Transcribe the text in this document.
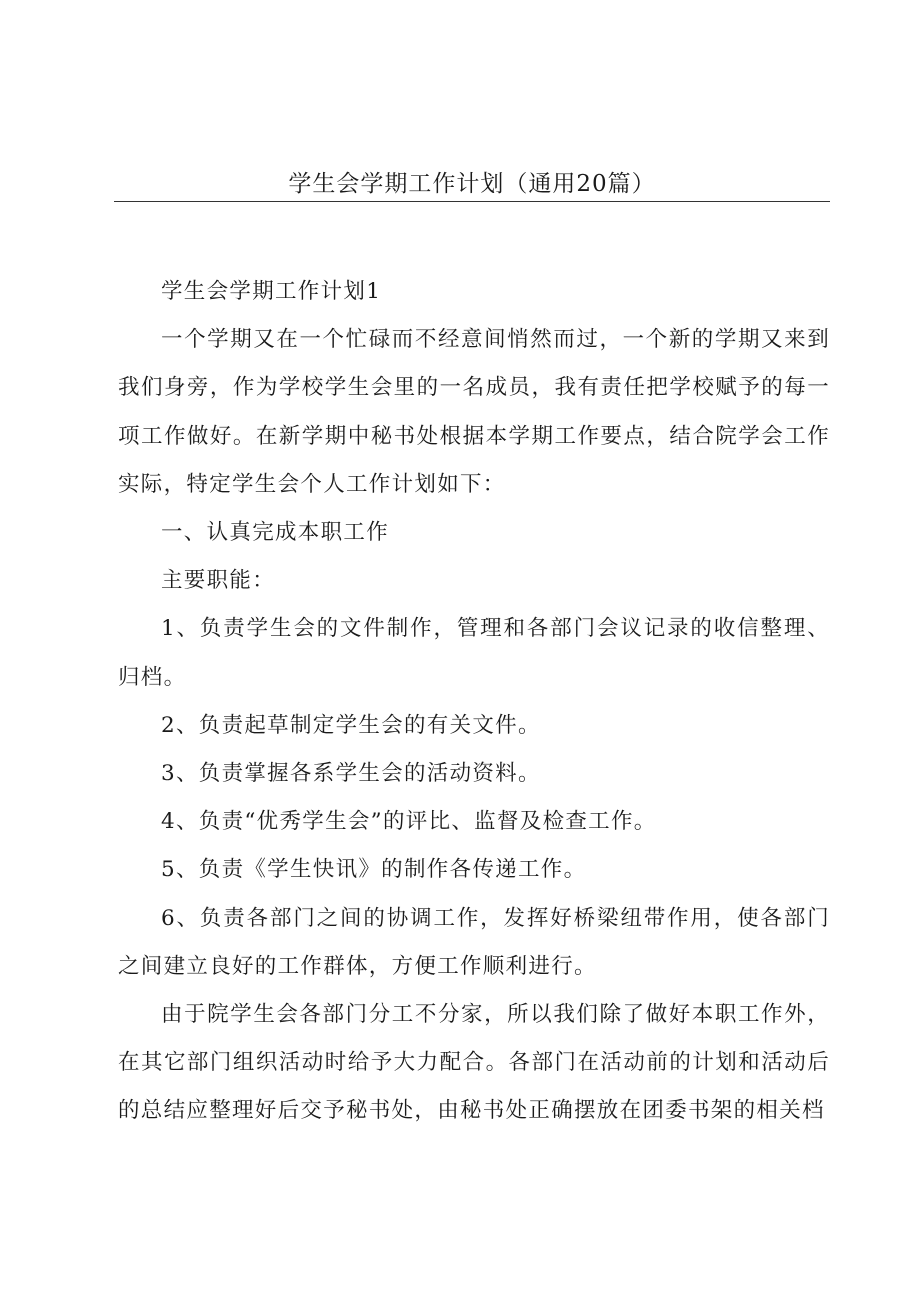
学生会学期工作计划（通用20篇）

学生会学期工作计划1

一个学期又在一个忙碌而不经意间悄然而过，一个新的学期又来到我们身旁，作为学校学生会里的一名成员，我有责任把学校赋予的每一项工作做好。在新学期中秘书处根据本学期工作要点，结合院学会工作实际，特定学生会个人工作计划如下：

一、认真完成本职工作

主要职能：

1、负责学生会的文件制作，管理和各部门会议记录的收信整理、归档。

2、负责起草制定学生会的有关文件。

3、负责掌握各系学生会的活动资料。

4、负责“优秀学生会”的评比、监督及检查工作。

5、负责《学生快讯》的制作各传递工作。

6、负责各部门之间的协调工作，发挥好桥梁纽带作用，使各部门之间建立良好的工作群体，方便工作顺利进行。

由于院学生会各部门分工不分家，所以我们除了做好本职工作外，在其它部门组织活动时给予大力配合。各部门在活动前的计划和活动后的总结应整理好后交予秘书处，由秘书处正确摆放在团委书架的相关档
